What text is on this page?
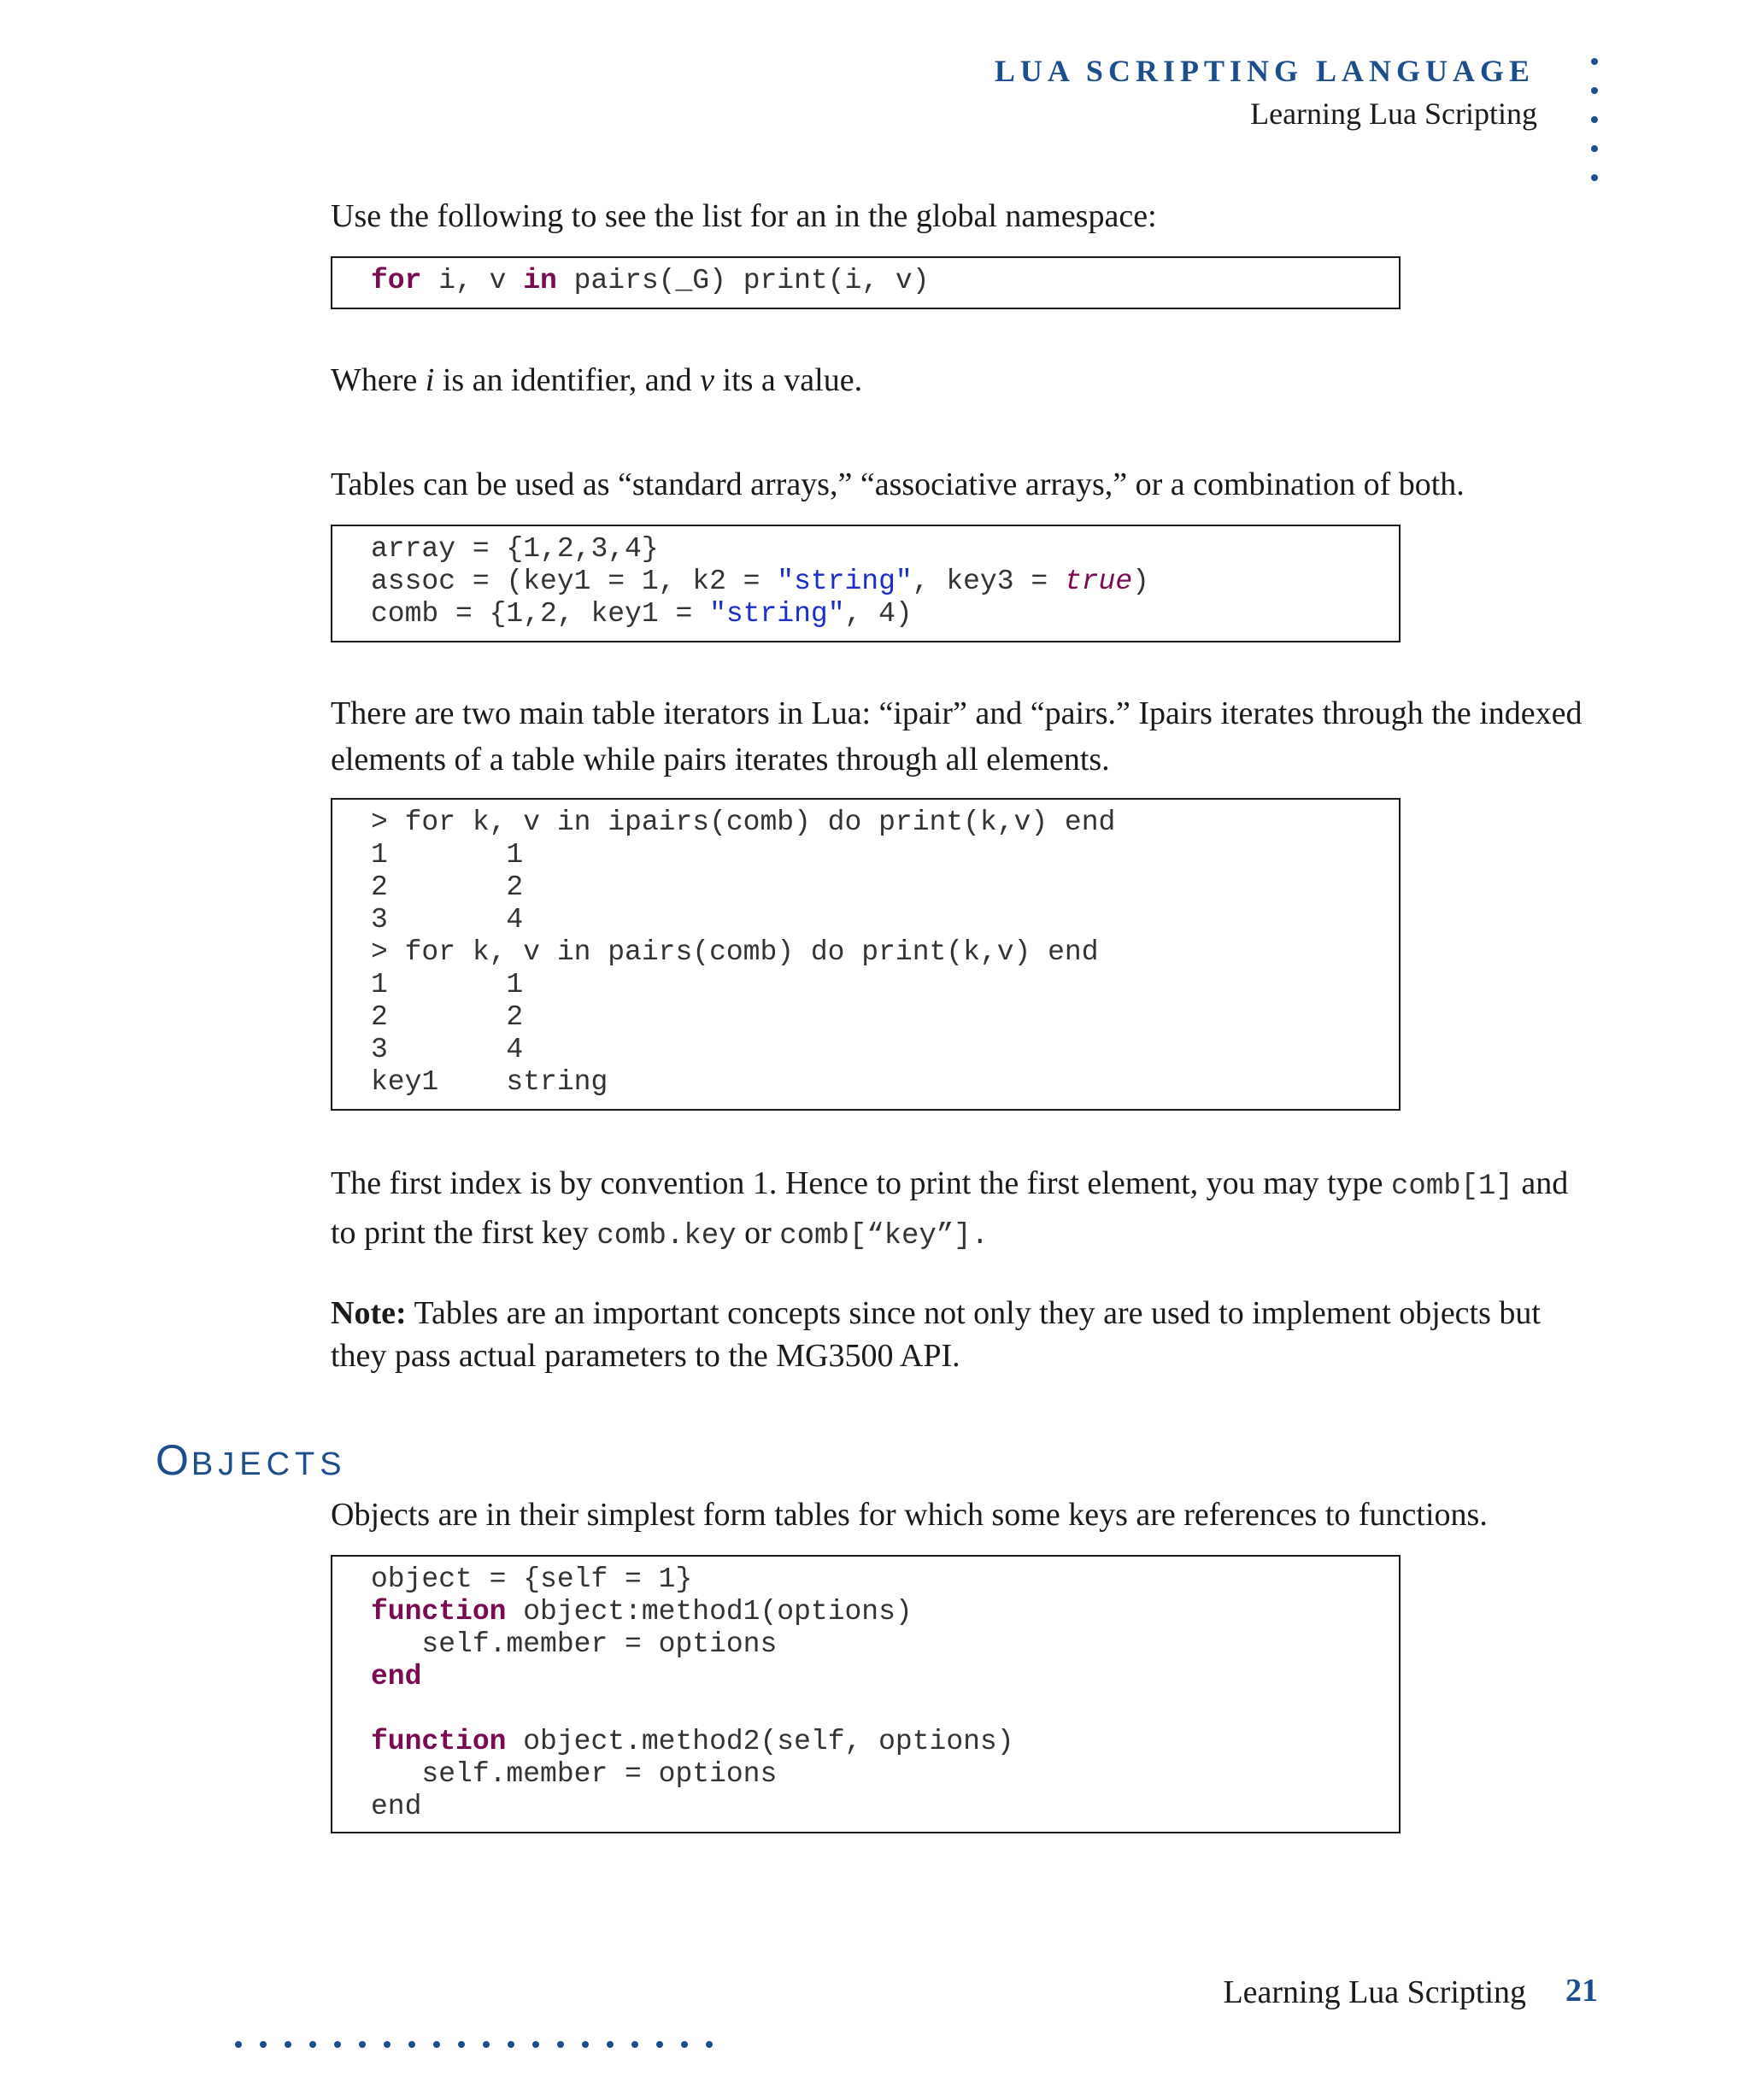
LUA SCRIPTING LANGUAGE
Learning Lua Scripting
Use the following to see the list for an in the global namespace:
for i, v in pairs(_G) print(i, v)
Where i is an identifier, and v its a value.
Tables can be used as “standard arrays,” “associative arrays,” or a combination of both.
array = {1,2,3,4}
assoc = (key1 = 1, k2 = "string", key3 = true)
comb = {1,2, key1 = "string", 4)
There are two main table iterators in Lua: “ipair” and “pairs.” Ipairs iterates through the indexed elements of a table while pairs iterates through all elements.
> for k, v in ipairs(comb) do print(k,v) end
1       1
2       2
3       4
> for k, v in pairs(comb) do print(k,v) end
1       1
2       2
3       4
key1    string
The first index is by convention 1. Hence to print the first element, you may type comb[1] and to print the first key comb.key or comb[“key”].
Note: Tables are an important concepts since not only they are used to implement objects but they pass actual parameters to the MG3500 API.
OBJECTS
Objects are in their simplest form tables for which some keys are references to functions.
object = {self = 1}
function object:method1(options)
self.member = options
end
function object.method2(self, options)
self.member = options
end
Learning Lua Scripting 21
